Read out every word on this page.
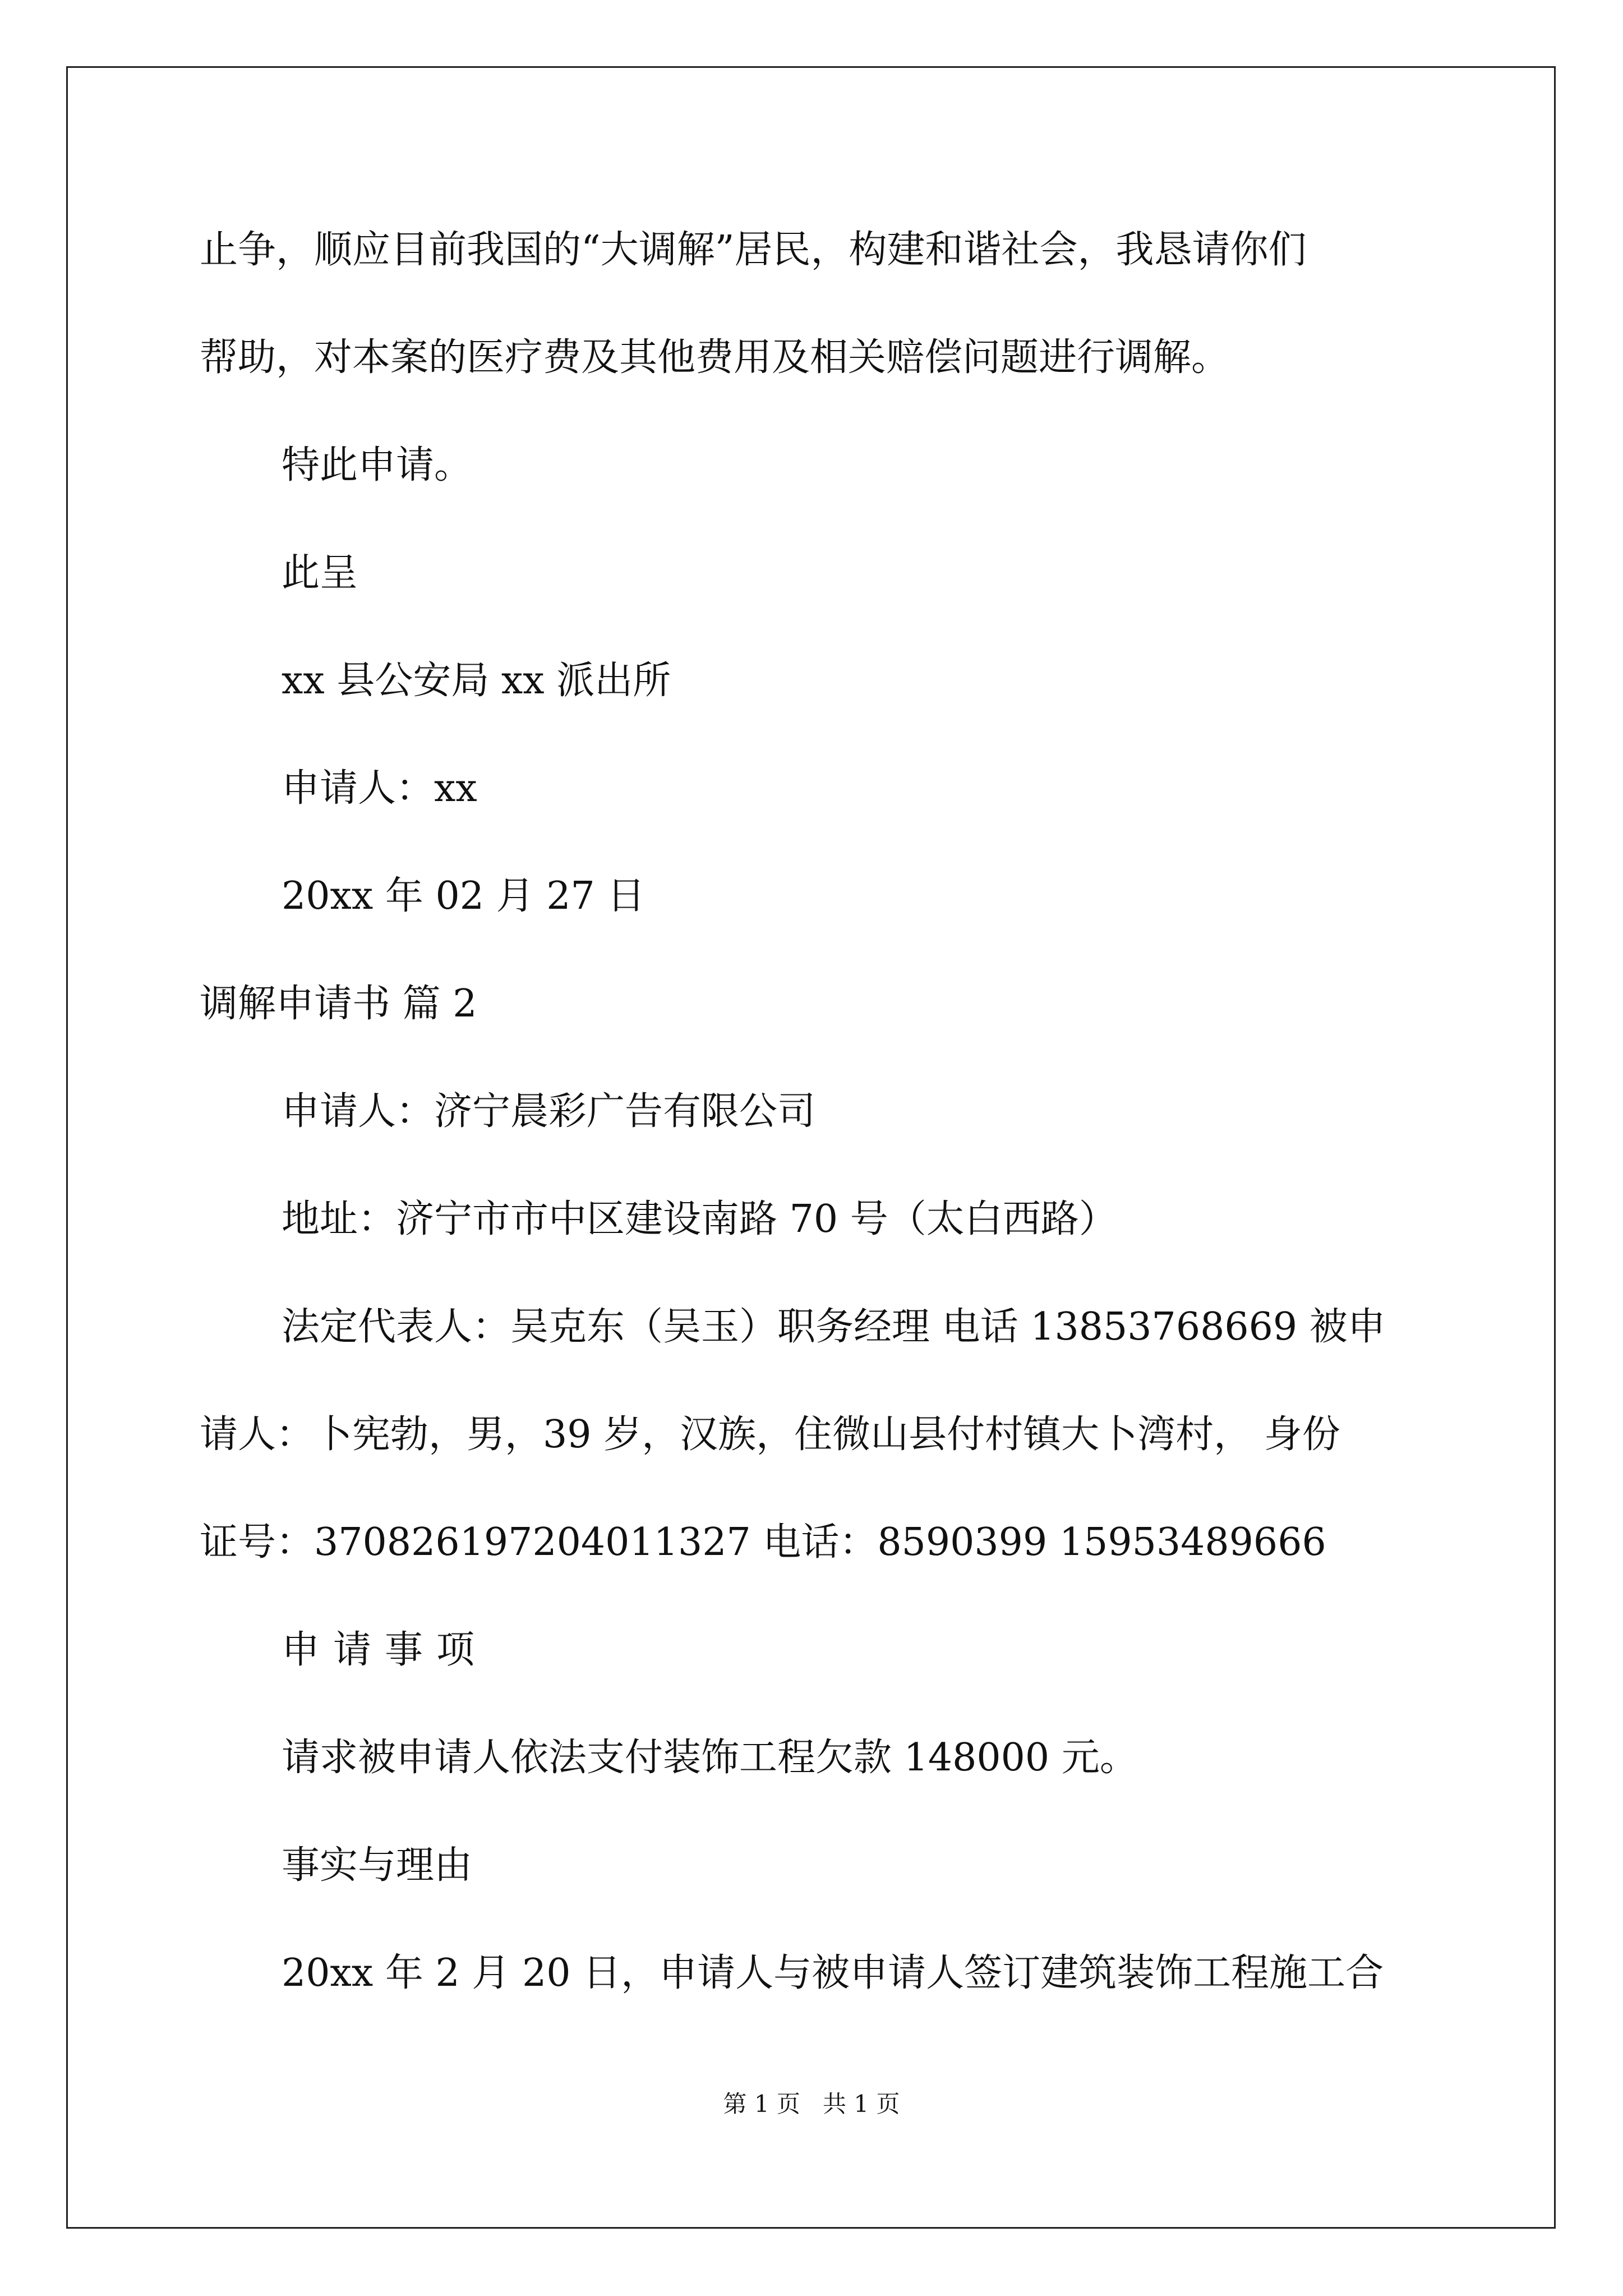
止争，顺应目前我国的“大调解”居民，构建和谐社会，我恳请你们

帮助，对本案的医疗费及其他费用及相关赔偿问题进行调解。

特此申请。

此呈

xx 县公安局 xx 派出所

申请人：xx

20xx 年 02 月 27 日

调解申请书 篇 2

申请人：济宁晨彩广告有限公司

地址：济宁市市中区建设南路 70 号（太白西路）

法定代表人：吴克东（吴玉）职务经理 电话 13853768669 被申

请人：卜宪勃，男，39 岁，汉族，住微山县付村镇大卜湾村， 身份

证号：370826197204011327 电话：8590399 15953489666

申请事项

请求被申请人依法支付装饰工程欠款 148000 元。

事实与理由

20xx 年 2 月 20 日，申请人与被申请人签订建筑装饰工程施工合

第 1 页   共 1 页
